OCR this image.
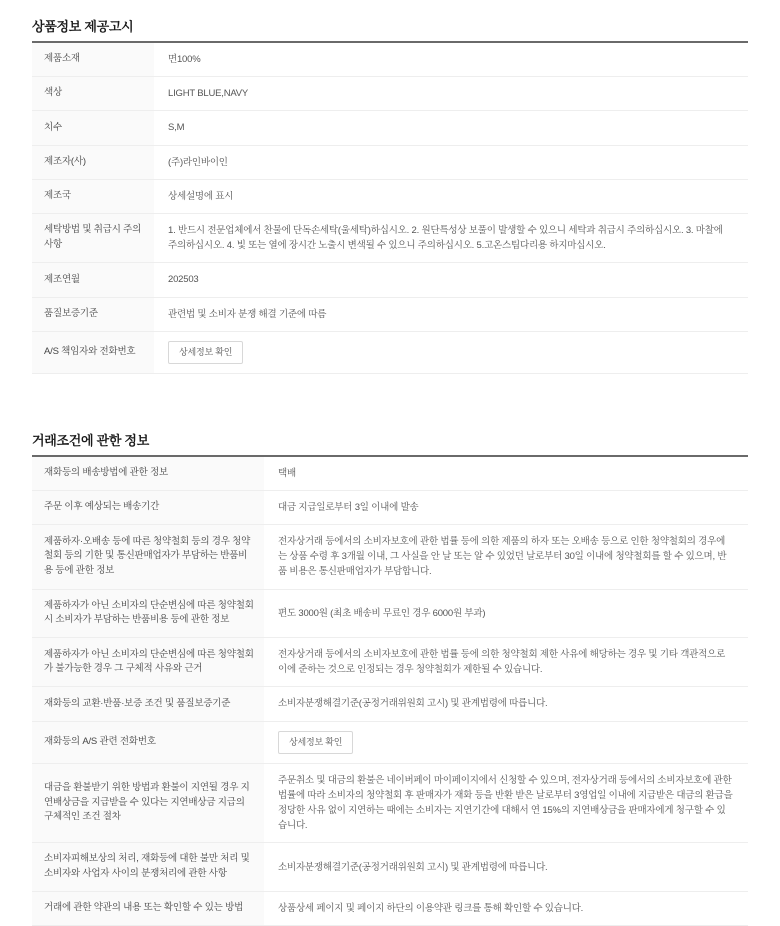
상품정보 제공고시
제품소재	면100%
색상	LIGHT BLUE,NAVY
치수	S,M
제조자(사)	(주)라인바이인
제조국	상세설명에 표시
세탁방법 및 취급시 주의사항	1. 반드시 전문업체에서 찬물에 단독손세탁(울세탁)하십시오. 2. 원단특성상 보풀이 발생할 수 있으니 세탁과 취급시 주의하십시오. 3. 마찰에 주의하십시오. 4. 빛 또는 열에 장시간 노출시 변색될 수 있으니 주의하십시오. 5.고온스팀다리용 하지마십시오.
제조연월	202503
품질보증기준	관련법 및 소비자 분쟁 해결 기준에 따름
A/S 책임자와 전화번호	상세정보 확인
거래조건에 관한 정보
재화등의 배송방법에 관한 정보	택배
주문 이후 예상되는 배송기간	대금 지급일로부터 3일 이내에 발송
제품하자·오배송 등에 따른 청약철회 등의 경우 청약철회 등의 기한 및 통신판매업자가 부담하는 반품비용 등에 관한 정보	전자상거래 등에서의 소비자보호에 관한 법률 등에 의한 제품의 하자 또는 오배송 등으로 인한 청약철회의 경우에는 상품 수령 후 3개월 이내, 그 사실을 안 날 또는 알 수 있었던 날로부터 30일 이내에 청약철회를 할 수 있으며, 반품 비용은 통신판매업자가 부담합니다.
제품하자가 아닌 소비자의 단순변심에 따른 청약철회 시 소비자가 부담하는 반품비용 등에 관한 정보	편도 3000원 (최초 배송비 무료인 경우 6000원 부과)
제품하자가 아닌 소비자의 단순변심에 따른 청약철회가 불가능한 경우 그 구체적 사유와 근거	전자상거래 등에서의 소비자보호에 관한 법률 등에 의한 청약철회 제한 사유에 해당하는 경우 및 기타 객관적으로 이에 준하는 것으로 인정되는 경우 청약철회가 제한될 수 있습니다.
재화등의 교환·반품·보증 조건 및 품질보증기준	소비자분쟁해결기준(공정거래위원회 고시) 및 관계법령에 따릅니다.
재화등의 A/S 관련 전화번호	상세정보 확인
대금을 환불받기 위한 방법과 환불이 지연될 경우 지연배상금을 지급받을 수 있다는 지연배상금 지급의 구체적인 조건 절차	주문취소 및 대금의 환불은 네이버페이 마이페이지에서 신청할 수 있으며, 전자상거래 등에서의 소비자보호에 관한 법률에 따라 소비자의 청약철회 후 판매자가 재화 등을 반환 받은 날로부터 3영업일 이내에 지급받은 대금의 환급을 정당한 사유 없이 지연하는 때에는 소비자는 지연기간에 대해서 연 15%의 지연배상금을 판매자에게 청구할 수 있습니다.
소비자피해보상의 처리, 재화등에 대한 불만 처리 및 소비자와 사업자 사이의 분쟁처리에 관한 사항	소비자분쟁해결기준(공정거래위원회 고시) 및 관계법령에 따릅니다.
거래에 관한 약관의 내용 또는 확인할 수 있는 방법	상품상세 페이지 및 페이지 하단의 이용약관 링크를 통해 확인할 수 있습니다.
